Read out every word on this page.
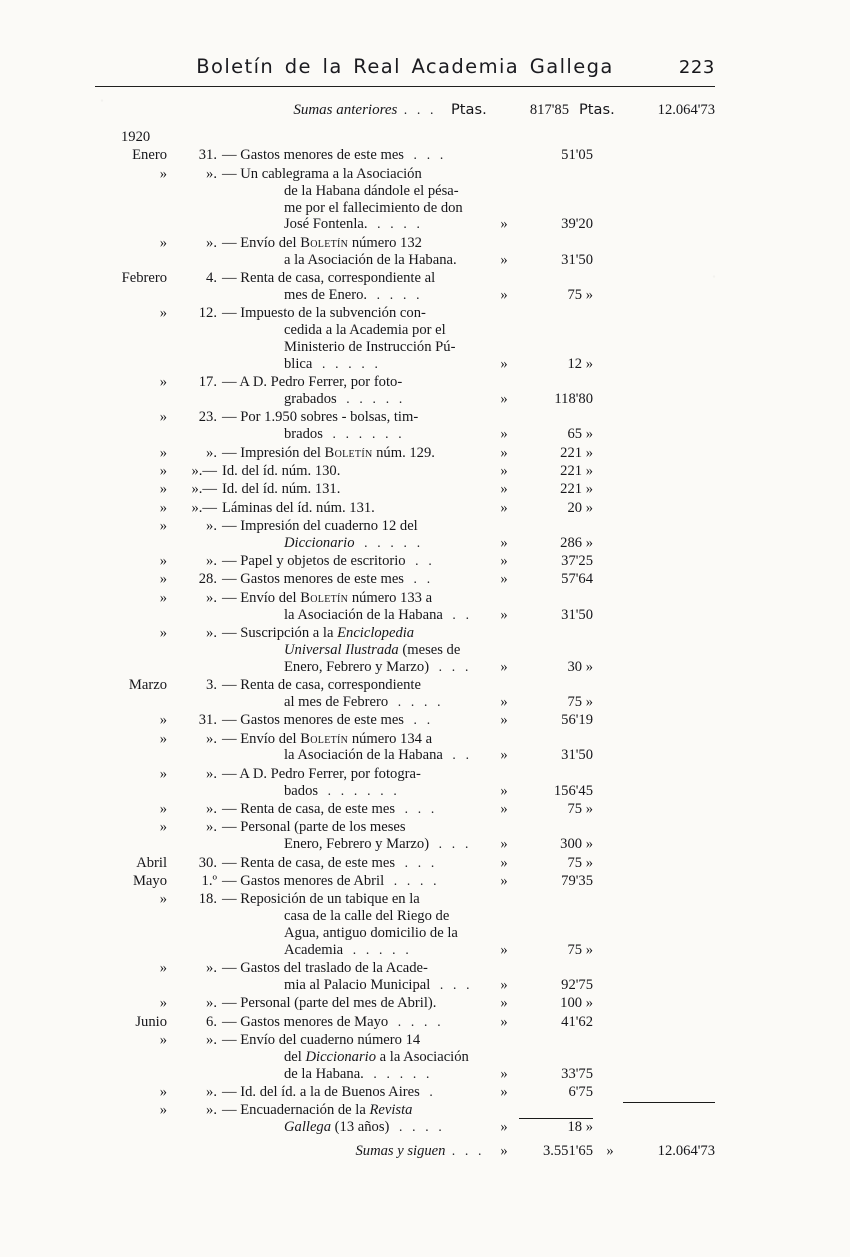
Boletín de la Real Academia Gallega	223
		Sumas anteriores . . .	Ptas.	817'85	Ptas.	12.064'73
1920						
Enero	31.	— Gastos menores de este mes . . .		51'05		
»	».	— Un cablegrama a la Asociación
de la Habana dándole el pésa-
me por el fallecimiento de don
José Fontenla. . . . .	»	39'20		
»	».	— Envío del Boletín número 132
a la Asociación de la Habana.	»	31'50		
Febrero	4.	— Renta de casa, correspondiente al
mes de Enero. . . . .	»	75 »		
»	12.	— Impuesto de la subvención con-
cedida a la Academia por el
Ministerio de Instrucción Pú-
blica . . . . .	»	12 »		
»	17.	— A D. Pedro Ferrer, por foto-
grabados . . . . .	»	118'80		
»	23.	— Por 1.950 sobres - bolsas, tim-
brados . . . . . .	»	65 »		
»	».	— Impresión del Boletín núm. 129.	»	221 »		
»	».—	Id. del íd. núm. 130.	»	221 »		
»	».—	Id. del íd. núm. 131.	»	221 »		
»	».—	Láminas del íd. núm. 131.	»	20 »		
»	».	— Impresión del cuaderno 12 del
Diccionario . . . . .	»	286 »		
»	».	— Papel y objetos de escritorio . .	»	37'25		
»	28.	— Gastos menores de este mes . .	»	57'64		
»	».	— Envío del Boletín número 133 a
la Asociación de la Habana . .	»	31'50		
»	».	— Suscripción a la Enciclopedia
Universal Ilustrada (meses de
Enero, Febrero y Marzo) . . .	»	30 »		
Marzo	3.	— Renta de casa, correspondiente
al mes de Febrero . . . .	»	75 »		
»	31.	— Gastos menores de este mes . .	»	56'19		
»	».	— Envío del Boletín número 134 a
la Asociación de la Habana . .	»	31'50		
»	».	— A D. Pedro Ferrer, por fotogra-
bados . . . . . .	»	156'45		
»	».	— Renta de casa, de este mes . . .	»	75 »		
»	».	— Personal (parte de los meses
Enero, Febrero y Marzo) . . .	»	300 »		
Abril	30.	— Renta de casa, de este mes . . .	»	75 »		
Mayo	1.º	— Gastos menores de Abril . . . .	»	79'35		
»	18.	— Reposición de un tabique en la
casa de la calle del Riego de
Agua, antiguo domicilio de la
Academia . . . . .	»	75 »		
»	».	— Gastos del traslado de la Acade-
mia al Palacio Municipal . . .	»	92'75		
»	».	— Personal (parte del mes de Abril).	»	100 »		
Junio	6.	— Gastos menores de Mayo . . . .	»	41'62		
»	».	— Envío del cuaderno número 14
del Diccionario a la Asociación
de la Habana. . . . . .	»	33'75		
»	».	— Id. del íd. a la de Buenos Aires .	»	6'75		
»	».	— Encuadernación de la Revista
Gallega (13 años) . . . .	»	18 »		
		Sumas y siguen . . .	»	3.551'65	»	12.064'73
